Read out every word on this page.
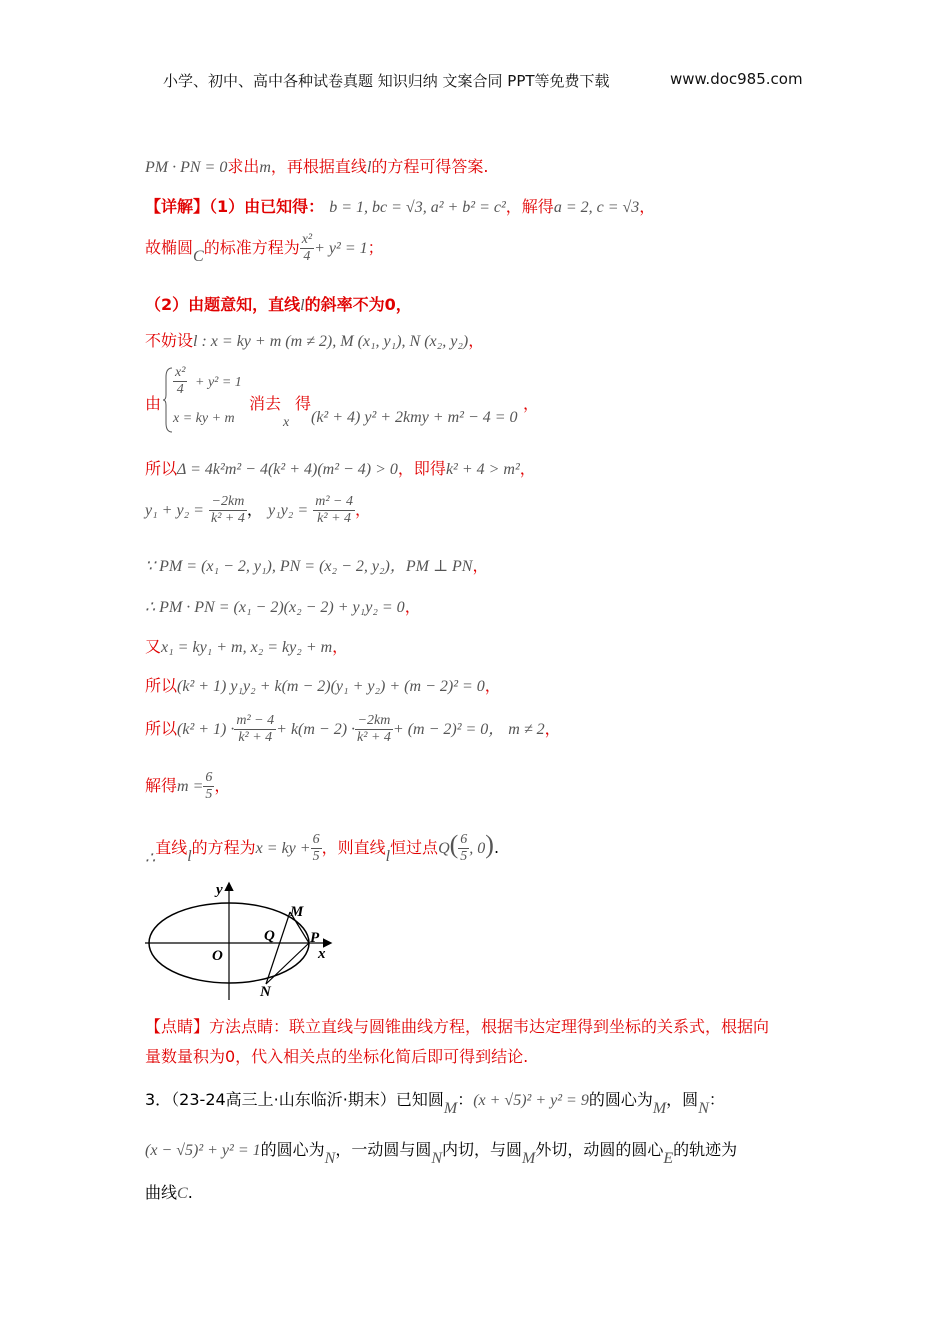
小学、初中、高中各种试卷真题 知识归纳 文案合同 PPT等免费下载	www.doc985.com
PM · PN = 0求出m，再根据直线l的方程可得答案.
【详解】（1）由已知得： b = 1, bc = √3, a² + b² = c²，解得a = 2, c = √3，
故椭圆C的标准方程为 $\frac{\text{x²}}{4} + y^2 = 1$；
（2）由题意知，直线l的斜率不为0，
不妨设l : x = ky + m (m ≠ 2), M (x₁, y₁), N (x₂, y₂)，
由
$\frac{\text{x²}}{4} + y^2 = 1$
x = ky + m
消去
x
得
(k² + 4) y² + 2kmy + m² − 4 = 0
，
所以Δ = 4k²m² − 4(k² + 4)(m² − 4) > 0，即得k² + 4 > m²，
$y_1 + y_2 = \frac{-2km}{\text{k² + 4}}$ ， $y_1y_2 = \frac{\text{m² − 4}}{\text{k² + 4}}$ ，
∵ PM = (x₁ − 2, y₁), PN = (x₂ − 2, y₂)，PM ⊥ PN，
∴ PM · PN = (x₁ − 2)(x₂ − 2) + y₁y₂ = 0，
又x₁ = ky₁ + m, x₂ = ky₂ + m，
所以(k² + 1) y₁y₂ + k(m − 2)(y₁ + y₂) + (m − 2)² = 0，
所以$(k^2 + 1) \cdot \frac{\text{m² − 4}}{\text{k² + 4}} + k(m - 2) \cdot \frac{-2km}{\text{k² + 4}} + (m - 2)^2 = 0$， m ≠ 2，
解得$m = \frac{6}{5}$ ，
∴直线l的方程为x = ky + $\frac{6}{5}$ ，则直线l恒过点$Q( \frac{6}{5}$ , 0).
y
x
O
M
Q P
N
【点睛】方法点睛：联立直线与圆锥曲线方程，根据韦达定理得到坐标的关系式，根据向
量数量积为0，代入相关点的坐标化简后即可得到结论.
3．（23-24高三上·山东临沂·期末）已知圆M：(x + √5)² + y² = 9的圆心为M，圆N：
(x − √5)² + y² = 1的圆心为N，一动圆与圆N内切，与圆M外切，动圆的圆心E的轨迹为
曲线C.
